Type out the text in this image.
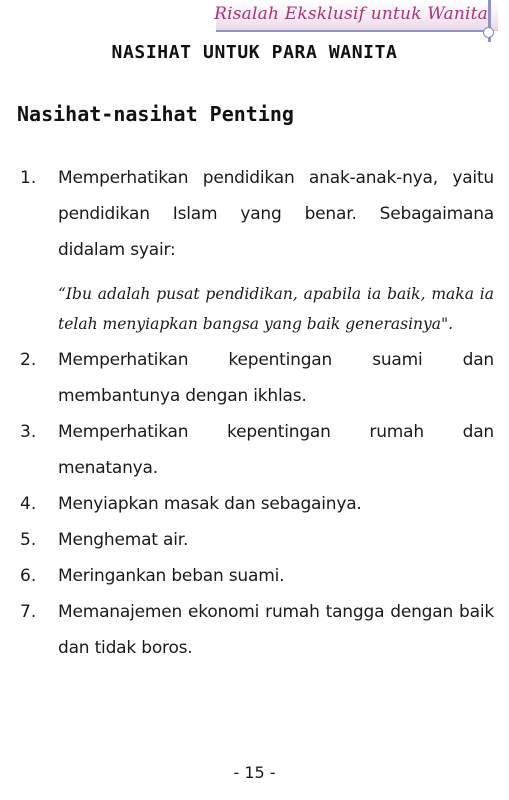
Risalah Eksklusif untuk Wanita
NASIHAT UNTUK PARA WANITA
Nasihat-nasihat Penting
1. Memperhatikan pendidikan anak-anak-nya, yaitu pendidikan Islam yang benar. Sebagaimana didalam syair:
“Ibu adalah pusat pendidikan, apabila ia baik, maka ia telah menyiapkan bangsa yang baik generasinya".
2. Memperhatikan kepentingan suami dan membantunya dengan ikhlas.
3. Memperhatikan kepentingan rumah dan menatanya.
4. Menyiapkan masak dan sebagainya.
5. Menghemat air.
6. Meringankan beban suami.
7. Memanajemen ekonomi rumah tangga dengan baik dan tidak boros.
- 15 -
